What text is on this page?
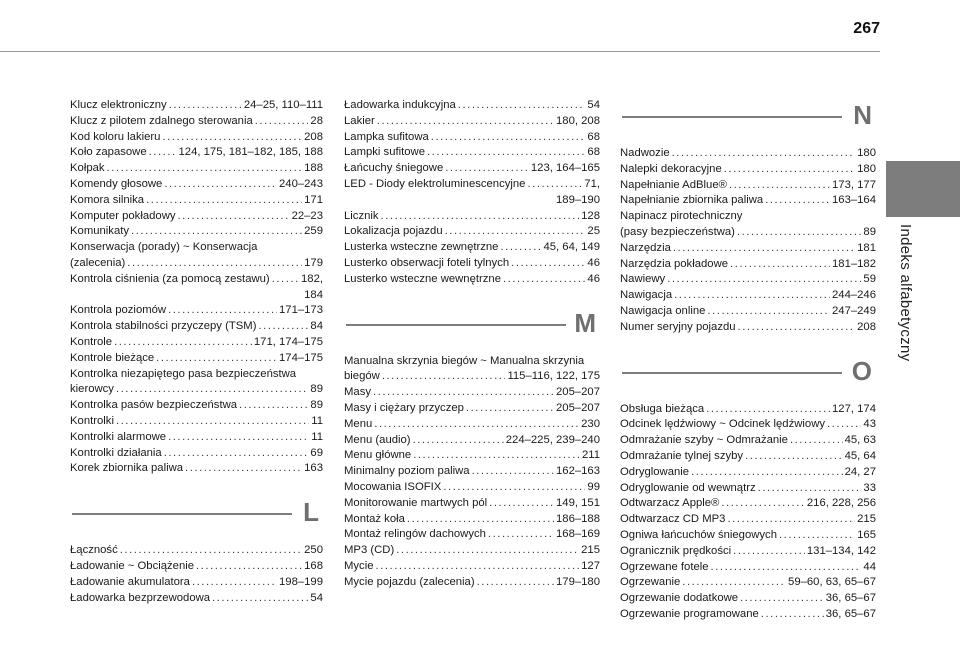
267
Indeks alfabetyczny
Klucz elektroniczny . . .	24–25, 110–111
Klucz z pilotem zdalnego sterowania . . .	28
Kod koloru lakieru . . .	208
Koło zapasowe . . .	124, 175, 181–182, 185, 188
Kołpak . . .	188
Komendy głosowe . . .	240–243
Komora silnika . . .	171
Komputer pokładowy . . .	22–23
Komunikaty . . .	259
Konserwacja (porady) ~ Konserwacja
(zalecenia) . . .	179
Kontrola ciśnienia (za pomocą zestawu) . . .	182,
184
Kontrola poziomów . . .	171–173
Kontrola stabilności przyczepy (TSM) . . .	84
Kontrole . . .	171, 174–175
Kontrole bieżące . . .	174–175
Kontrolka niezapiętego pasa bezpieczeństwa
kierowcy . . .	89
Kontrolka pasów bezpieczeństwa . . .	89
Kontrolki . . .	11
Kontrolki alarmowe . . .	11
Kontrolki działania . . .	69
Korek zbiornika paliwa . . .	163
L
Łączność . . .	250
Ładowanie ~ Obciążenie . . .	168
Ładowanie akumulatora . . .	198–199
Ładowarka bezprzewodowa . . .	54
Ładowarka indukcyjna . . .	54
Lakier . . .	180, 208
Lampka sufitowa . . .	68
Lampki sufitowe . . .	68
Łańcuchy śniegowe . . .	123, 164–165
LED - Diody elektroluminescencyjne . . .	71,
189–190
Licznik . . .	128
Lokalizacja pojazdu . . .	25
Lusterka wsteczne zewnętrzne . . .	45, 64, 149
Lusterko obserwacji foteli tylnych . . .	46
Lusterko wsteczne wewnętrzne . . .	46
M
Manualna skrzynia biegów ~ Manualna skrzynia
biegów . . .	115–116, 122, 175
Masy . . .	205–207
Masy i ciężary przyczep . . .	205–207
Menu . . .	230
Menu (audio) . . .	224–225, 239–240
Menu główne . . .	211
Minimalny poziom paliwa . . .	162–163
Mocowania ISOFIX . . .	99
Monitorowanie martwych pól . . .	149, 151
Montaż koła . . .	186–188
Montaż relingów dachowych . . .	168–169
MP3 (CD) . . .	215
Mycie . . .	127
Mycie pojazdu (zalecenia) . . .	179–180
N
Nadwozie . . .	180
Nalepki dekoracyjne . . .	180
Napełnianie AdBlue® . . .	173, 177
Napełnianie zbiornika paliwa . . .	163–164
Napinacz pirotechniczny
(pasy bezpieczeństwa) . . .	89
Narzędzia . . .	181
Narzędzia pokładowe . . .	181–182
Nawiewy . . .	59
Nawigacja . . .	244–246
Nawigacja online . . .	247–249
Numer seryjny pojazdu . . .	208
O
Obsługa bieżąca . . .	127, 174
Odcinek lędźwiowy ~ Odcinek lędźwiowy . . .	43
Odmrażanie szyby ~ Odmrażanie . . .	45, 63
Odmrażanie tylnej szyby . . .	45, 64
Odryglowanie . . .	24, 27
Odryglowanie od wewnątrz . . .	33
Odtwarzacz Apple® . . .	216, 228, 256
Odtwarzacz CD MP3 . . .	215
Ogniwa łańcuchów śniegowych . . .	165
Ogranicznik prędkości . . .	131–134, 142
Ogrzewane fotele . . .	44
Ogrzewanie . . .	59–60, 63, 65–67
Ogrzewanie dodatkowe . . .	36, 65–67
Ogrzewanie programowane . . .	36, 65–67
